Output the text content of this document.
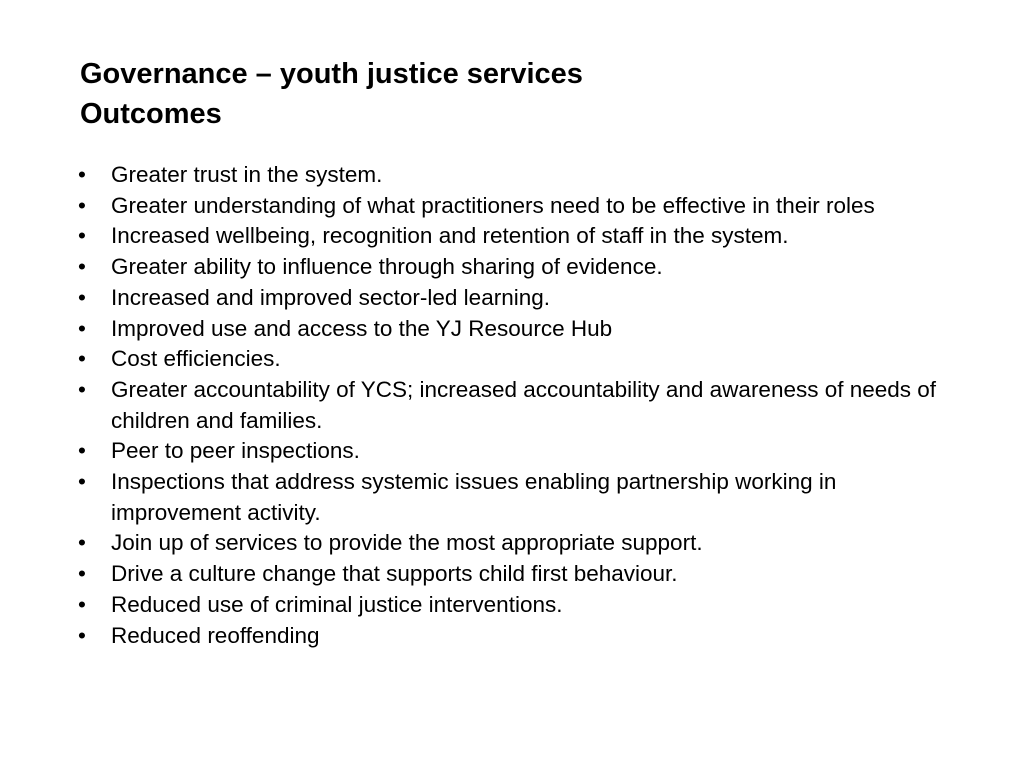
Governance – youth justice services
Outcomes
• Greater trust in the system.
• Greater understanding of what practitioners need to be effective in their roles
• Increased wellbeing, recognition and retention of staff in the system.
• Greater ability to influence through sharing of evidence.
• Increased and improved sector-led learning.
• Improved use and access to the YJ Resource Hub
• Cost efficiencies.
• Greater accountability of YCS; increased accountability and awareness of needs of children and families.
• Peer to peer inspections.
• Inspections that address systemic issues enabling partnership working in improvement activity.
• Join up of services to provide the most appropriate support.
• Drive a culture change that supports child first behaviour.
• Reduced use of criminal justice interventions.
• Reduced reoffending
